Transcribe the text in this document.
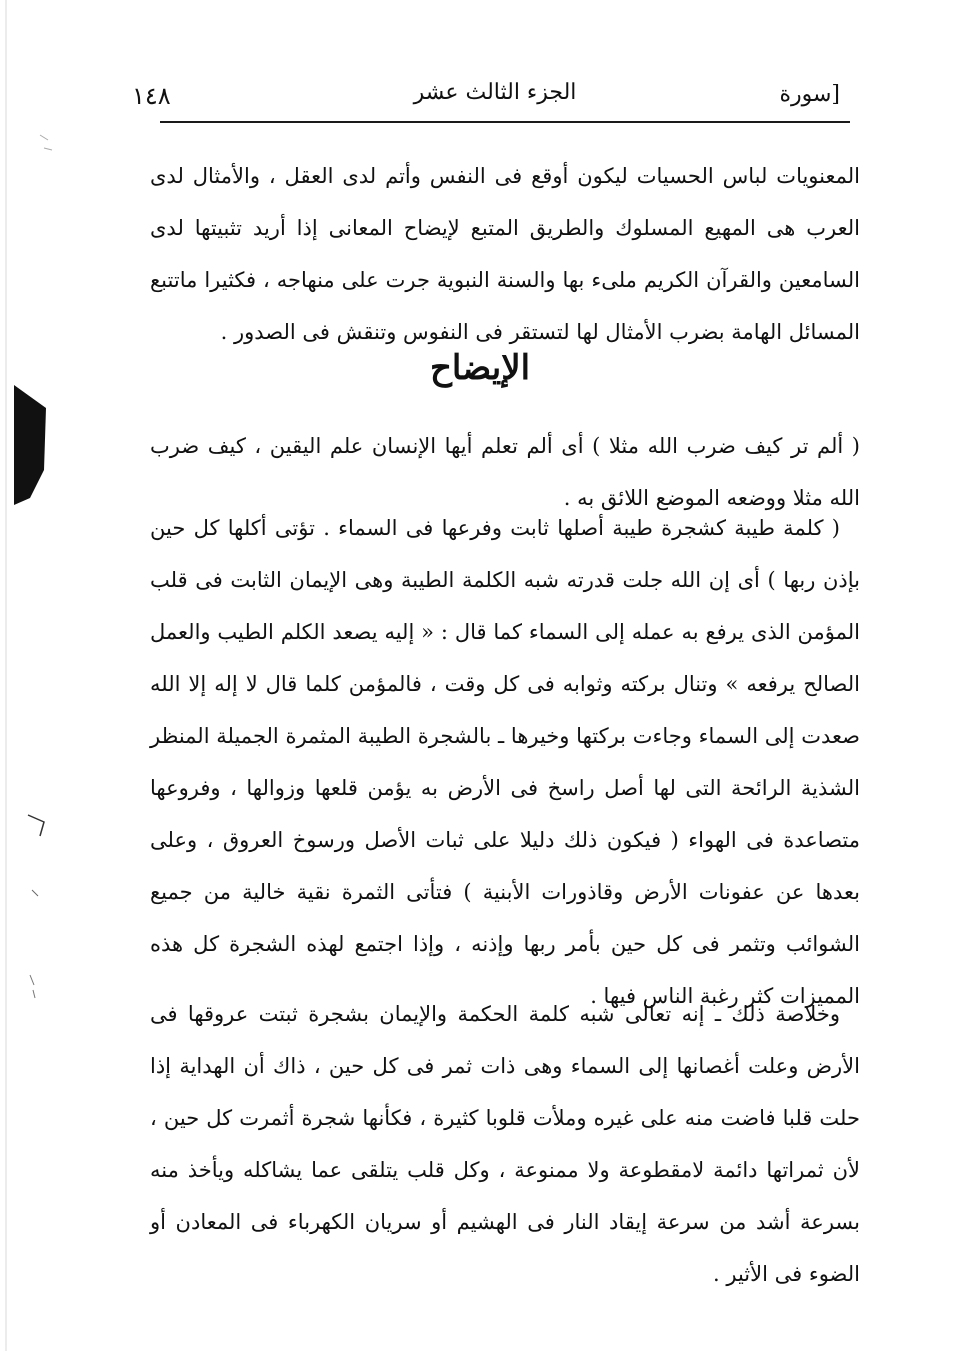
١٤٨	الجزء الثالث عشر	[سورة
المعنويات لباس الحسيات ليكون أوقع فى النفس وأتم لدى العقل ، والأمثال لدى العرب هى المهيع المسلوك والطريق المتبع لإيضاح المعانى إذا أريد تثبيتها لدى السامعين والقرآن الكريم ملىء بها والسنة النبوية جرت على منهاجه ، فكثيرا ماتتبع المسائل الهامة بضرب الأمثال لها لتستقر فى النفوس وتنقش فى الصدور .
الإيضاح
( ألم تر كيف ضرب الله مثلا ) أى ألم تعلم أيها الإنسان علم اليقين ، كيف ضرب الله مثلا ووضعه الموضع اللائق به .
( كلمة طيبة كشجرة طيبة أصلها ثابت وفرعها فى السماء . تؤتى أكلها كل حين بإذن ربها ) أى إن الله جلت قدرته شبه الكلمة الطيبة وهى الإيمان الثابت فى قلب المؤمن الذى يرفع به عمله إلى السماء كما قال : « إليه يصعد الكلم الطيب والعمل الصالح يرفعه » وتنال بركته وثوابه فى كل وقت ، فالمؤمن كلما قال لا إله إلا الله صعدت إلى السماء وجاءت بركتها وخيرها ـ بالشجرة الطيبة المثمرة الجميلة المنظر الشذية الرائحة التى لها أصل راسخ فى الأرض به يؤمن قلعها وزوالها ، وفروعها متصاعدة فى الهواء ( فيكون ذلك دليلا على ثبات الأصل ورسوخ العروق ، وعلى بعدها عن عفونات الأرض وقاذورات الأبنية ) فتأتى الثمرة نقية خالية من جميع الشوائب وتثمر فى كل حين بأمر ربها وإذنه ، وإذا اجتمع لهذه الشجرة كل هذه المميزات كثر رغبة الناس فيها .
وخلاصة ذلك ـ إنه تعالى شبه كلمة الحكمة والإيمان بشجرة ثبتت عروقها فى الأرض وعلت أغصانها إلى السماء وهى ذات ثمر فى كل حين ، ذاك أن الهداية إذا حلت قلبا فاضت منه على غيره وملأت قلوبا كثيرة ، فكأنها شجرة أثمرت كل حين ، لأن ثمراتها دائمة لامقطوعة ولا ممنوعة ، وكل قلب يتلقى عما يشاكله ويأخذ منه بسرعة أشد من سرعة إيقاد النار فى الهشيم أو سريان الكهرباء فى المعادن أو الضوء فى الأثير .
